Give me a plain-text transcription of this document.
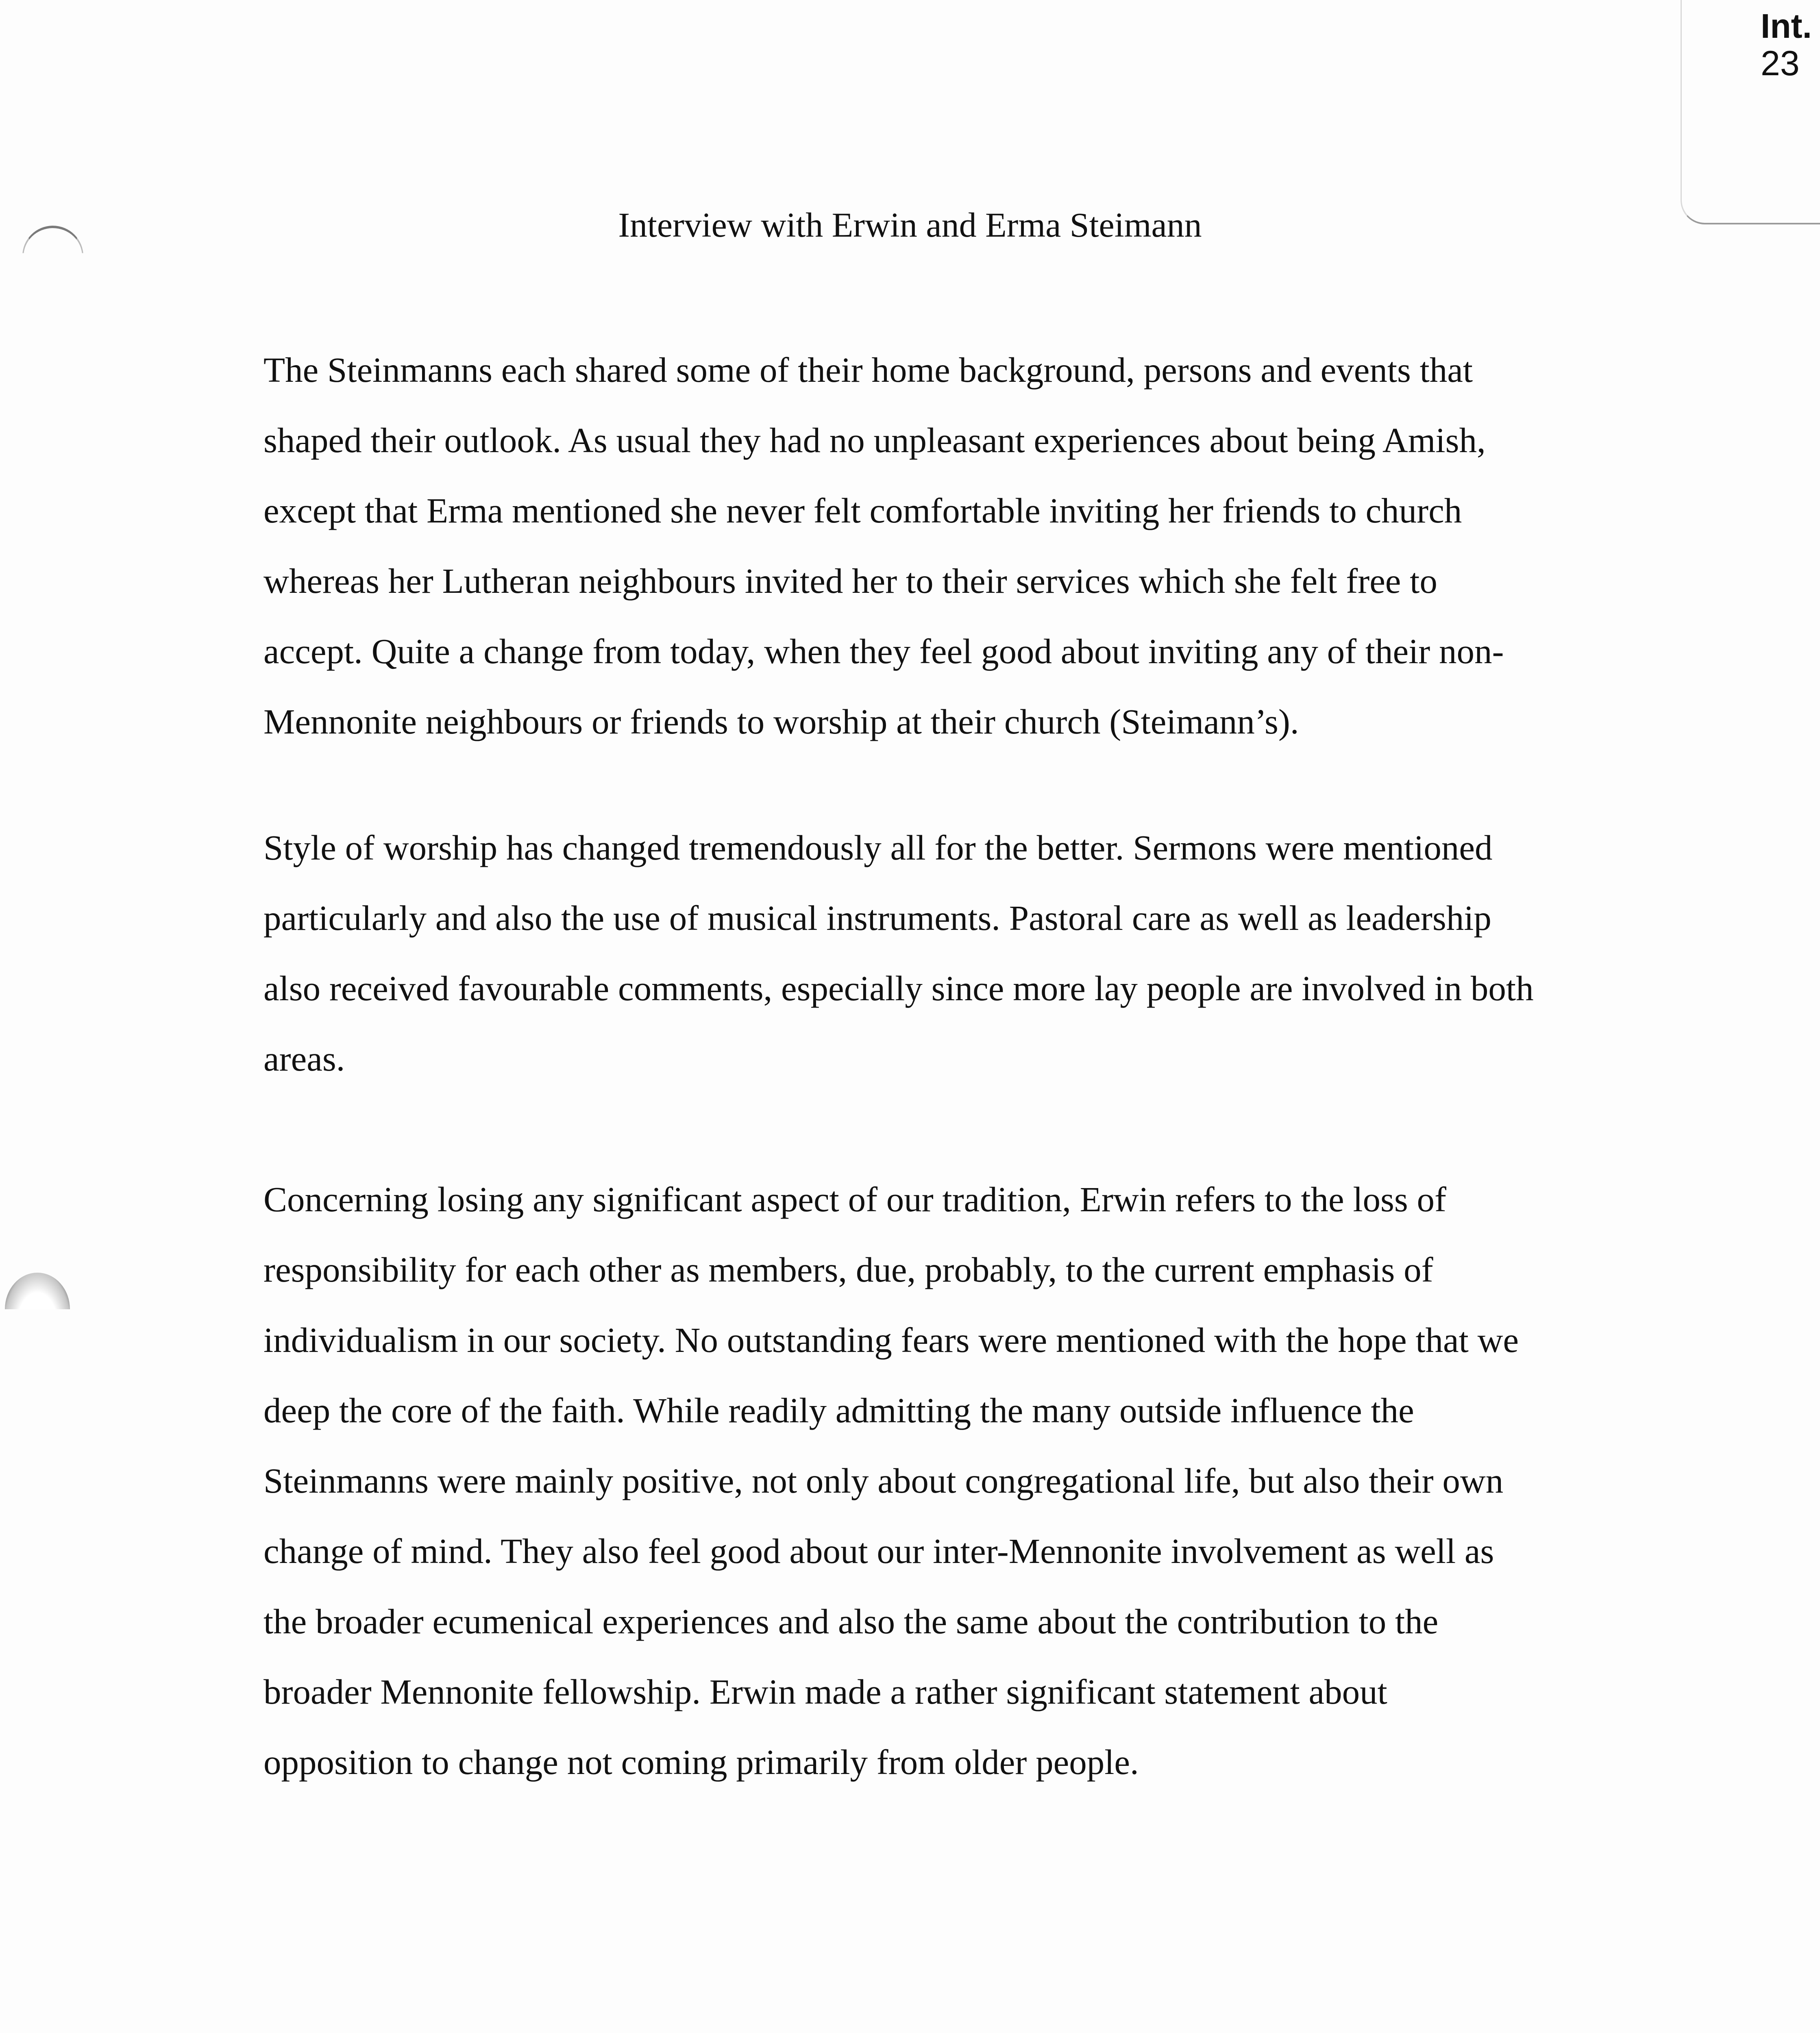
Int.
23
Interview with Erwin and Erma Steimann
The Steinmanns each shared some of their home background, persons and events that
shaped their outlook. As usual they had no unpleasant experiences about being Amish,
except that Erma mentioned she never felt comfortable inviting her friends to church
whereas her Lutheran neighbours invited her to their services which she felt free to
accept. Quite a change from today, when they feel good about inviting any of their non-
Mennonite neighbours or friends to worship at their church (Steimann’s).
Style of worship has changed tremendously all for the better. Sermons were mentioned
particularly and also the use of musical instruments. Pastoral care as well as leadership
also received favourable comments, especially since more lay people are involved in both
areas.
Concerning losing any significant aspect of our tradition, Erwin refers to the loss of
responsibility for each other as members, due, probably, to the current emphasis of
individualism in our society. No outstanding fears were mentioned with the hope that we
deep the core of the faith. While readily admitting the many outside influence the
Steinmanns were mainly positive, not only about congregational life, but also their own
change of mind. They also feel good about our inter-Mennonite involvement as well as
the broader ecumenical experiences and also the same about the contribution to the
broader Mennonite fellowship. Erwin made a rather significant statement about
opposition to change not coming primarily from older people.
